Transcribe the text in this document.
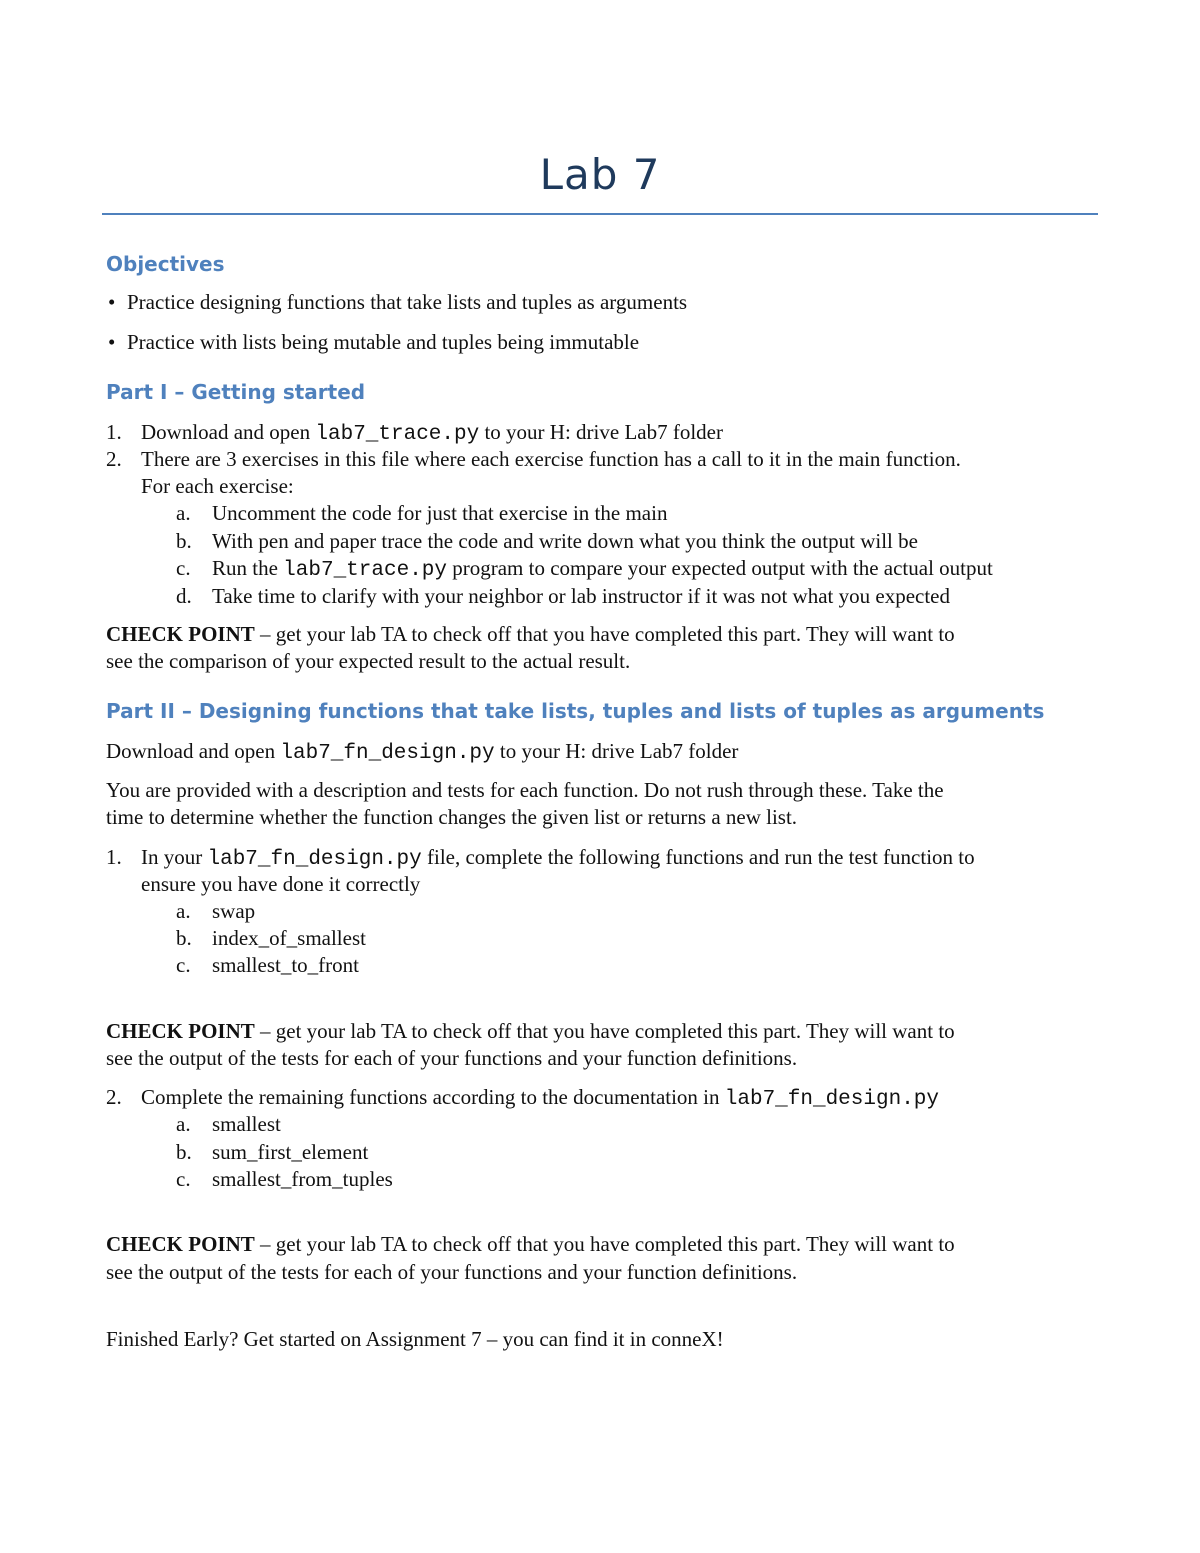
Lab 7
Objectives
• Practice designing functions that take lists and tuples as arguments
• Practice with lists being mutable and tuples being immutable
Part I – Getting started
1. Download and open lab7_trace.py to your H: drive Lab7 folder
2. There are 3 exercises in this file where each exercise function has a call to it in the main function.
For each exercise:
a. Uncomment the code for just that exercise in the main
b. With pen and paper trace the code and write down what you think the output will be
c. Run the lab7_trace.py program to compare your expected output with the actual output
d. Take time to clarify with your neighbor or lab instructor if it was not what you expected
CHECK POINT – get your lab TA to check off that you have completed this part. They will want to
see the comparison of your expected result to the actual result.
Part II – Designing functions that take lists, tuples and lists of tuples as arguments
Download and open lab7_fn_design.py to your H: drive Lab7 folder
You are provided with a description and tests for each function. Do not rush through these. Take the
time to determine whether the function changes the given list or returns a new list.
1. In your lab7_fn_design.py file, complete the following functions and run the test function to
ensure you have done it correctly
a. swap
b. index_of_smallest
c. smallest_to_front
CHECK POINT – get your lab TA to check off that you have completed this part. They will want to
see the output of the tests for each of your functions and your function definitions.
2. Complete the remaining functions according to the documentation in lab7_fn_design.py
a. smallest
b. sum_first_element
c. smallest_from_tuples
CHECK POINT – get your lab TA to check off that you have completed this part. They will want to
see the output of the tests for each of your functions and your function definitions.
Finished Early? Get started on Assignment 7 – you can find it in conneX!
